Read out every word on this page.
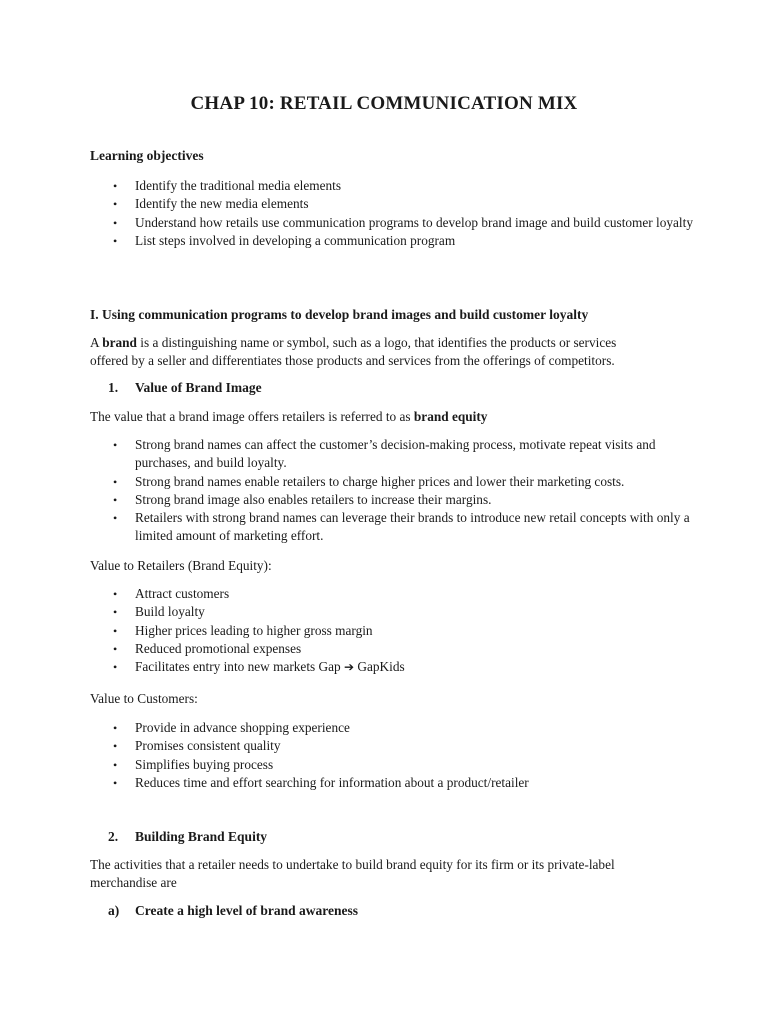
CHAP 10: RETAIL COMMUNICATION MIX
Learning objectives
• Identify the traditional media elements
• Identify the new media elements
• Understand how retails use communication programs to develop brand image and build customer loyalty
• List steps involved in developing a communication program
I. Using communication programs to develop brand images and build customer loyalty

A brand is a distinguishing name or symbol, such as a logo, that identifies the products or services offered by a seller and differentiates those products and services from the offerings of competitors.

1. Value of Brand Image

The value that a brand image offers retailers is referred to as brand equity

• Strong brand names can affect the customer’s decision-making process, motivate repeat visits and purchases, and build loyalty.
• Strong brand names enable retailers to charge higher prices and lower their marketing costs.
• Strong brand image also enables retailers to increase their margins.
• Retailers with strong brand names can leverage their brands to introduce new retail concepts with only a limited amount of marketing effort.
Value to Retailers (Brand Equity):
• Attract customers
• Build loyalty
• Higher prices leading to higher gross margin
• Reduced promotional expenses
• Facilitates entry into new markets Gap ➔ GapKids
Value to Customers:
• Provide in advance shopping experience
• Promises consistent quality
• Simplifies buying process
• Reduces time and effort searching for information about a product/retailer
2. Building Brand Equity

The activities that a retailer needs to undertake to build brand equity for its firm or its private-label merchandise are

a) Create a high level of brand awareness
